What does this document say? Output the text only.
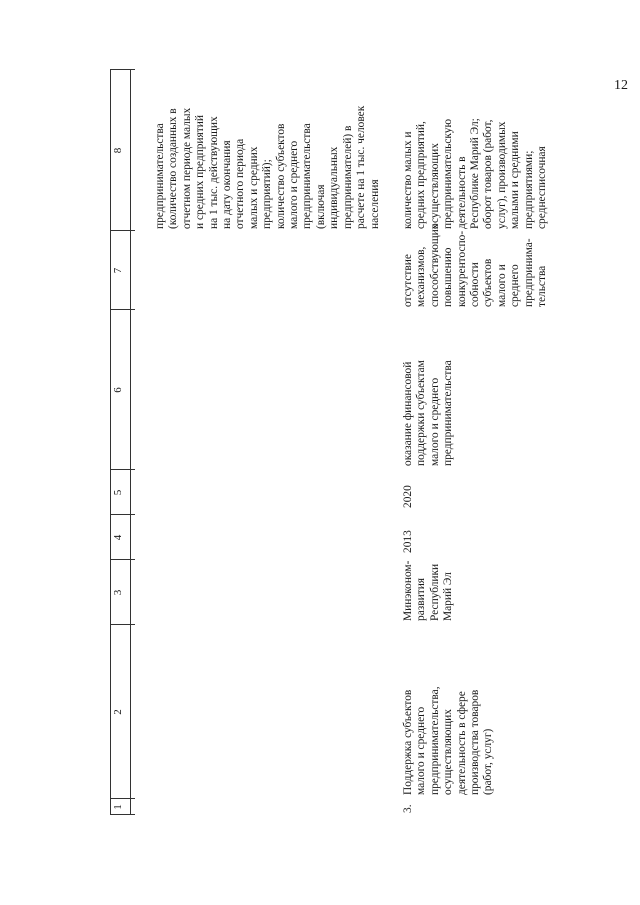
12
1
2
3
4
5
6
7
8	предпринимательства (количество созданных в отчетном периоде малых и средних предприятий на 1 тыс. действующих на дату окончания отчетного периода малых и средних предприятий); количество субъектов малого и среднего предпринимательства (включая индивидуальных предпринимателей) в расчете на 1 тыс. человек населения

3.

Поддержка субъектов малого и среднего предпринимательства, осуществляющих деятельность в сфере производства товаров (работ, услуг)

Минэконом- развития Республики Марий Эл

2013
2020

оказание финансовой поддержки субъектам малого и среднего предпринимательства

отсутствие механизмов, способствующих повышению конкурентоспо- собности субъектов малого и среднего предпринима- тельства

количество малых и средних предприятий, осуществляющих предпринимательскую деятельность в Республике Марий Эл; оборот товаров (работ, услуг), производимых малыми и средними предприятиями; среднесписочная
